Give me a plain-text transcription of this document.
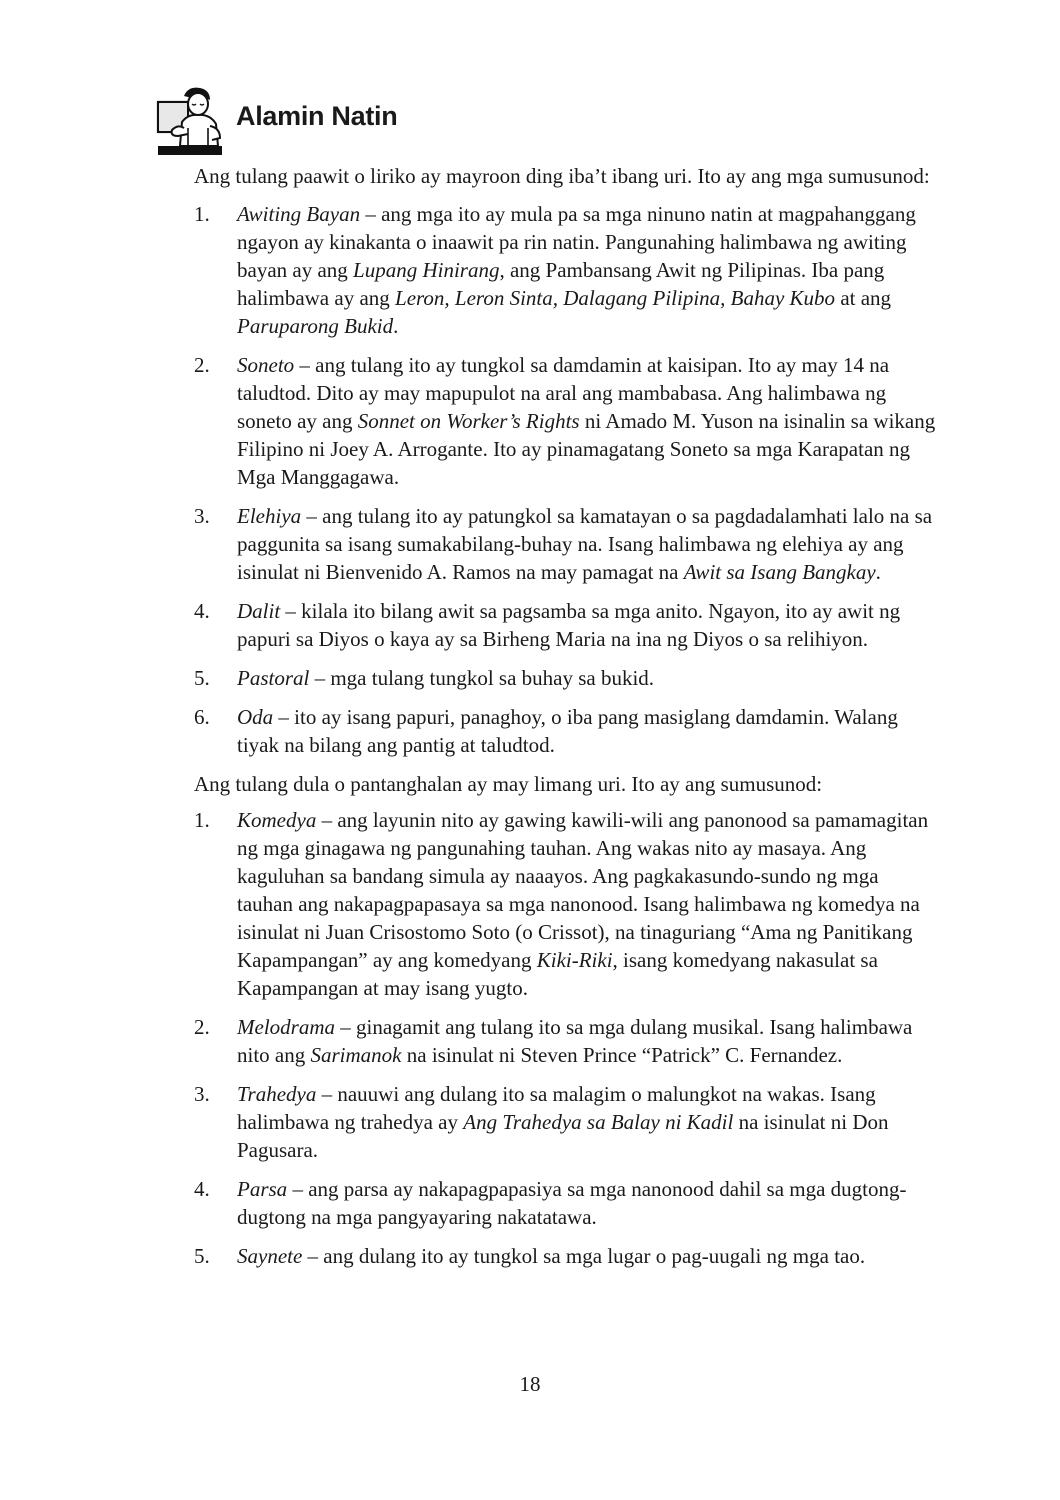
Alamin Natin

Ang tulang paawit o liriko ay mayroon ding iba’t ibang uri. Ito ay ang mga sumusunod:

1.	Awiting Bayan – ang mga ito ay mula pa sa mga ninuno natin at magpahanggang ngayon ay kinakanta o inaawit pa rin natin. Pangunahing halimbawa ng awiting bayan ay ang Lupang Hinirang, ang Pambansang Awit ng Pilipinas. Iba pang halimbawa ay ang Leron, Leron Sinta, Dalagang Pilipina, Bahay Kubo at ang Paruparong Bukid.
2.	Soneto – ang tulang ito ay tungkol sa damdamin at kaisipan. Ito ay may 14 na taludtod. Dito ay may mapupulot na aral ang mambabasa. Ang halimbawa ng soneto ay ang Sonnet on Worker’s Rights ni Amado M. Yuson na isinalin sa wikang Filipino ni Joey A. Arrogante. Ito ay pinamagatang Soneto sa mga Karapatan ng Mga Manggagawa.
3.	Elehiya – ang tulang ito ay patungkol sa kamatayan o sa pagdadalamhati lalo na sa paggunita sa isang sumakabilang-buhay na. Isang halimbawa ng elehiya ay ang isinulat ni Bienvenido A. Ramos na may pamagat na Awit sa Isang Bangkay.
4.	Dalit – kilala ito bilang awit sa pagsamba sa mga anito. Ngayon, ito ay awit ng papuri sa Diyos o kaya ay sa Birheng Maria na ina ng Diyos o sa relihiyon.
5.	Pastoral – mga tulang tungkol sa buhay sa bukid.
6.	Oda – ito ay isang papuri, panaghoy, o iba pang masiglang damdamin. Walang tiyak na bilang ang pantig at taludtod.

Ang tulang dula o pantanghalan ay may limang uri. Ito ay ang sumusunod:

1.	Komedya – ang layunin nito ay gawing kawili-wili ang panonood sa pamamagitan ng mga ginagawa ng pangunahing tauhan. Ang wakas nito ay masaya. Ang kaguluhan sa bandang simula ay naaayos. Ang pagkakasundo-sundo ng mga tauhan ang nakapagpapasaya sa mga nanonood. Isang halimbawa ng komedya na isinulat ni Juan Crisostomo Soto (o Crissot), na tinaguriang “Ama ng Panitikang Kapampangan” ay ang komedyang Kiki-Riki, isang komedyang nakasulat sa Kapampangan at may isang yugto.
2.	Melodrama – ginagamit ang tulang ito sa mga dulang musikal. Isang halimbawa nito ang Sarimanok na isinulat ni Steven Prince “Patrick” C. Fernandez.
3.	Trahedya – nauuwi ang dulang ito sa malagim o malungkot na wakas. Isang halimbawa ng trahedya ay Ang Trahedya sa Balay ni Kadil na isinulat ni Don Pagusara.
4.	Parsa – ang parsa ay nakapagpapasiya sa mga nanonood dahil sa mga dugtong-dugtong na mga pangyayaring nakatatawa.
5.	Saynete – ang dulang ito ay tungkol sa mga lugar o pag-uugali ng mga tao.
18
